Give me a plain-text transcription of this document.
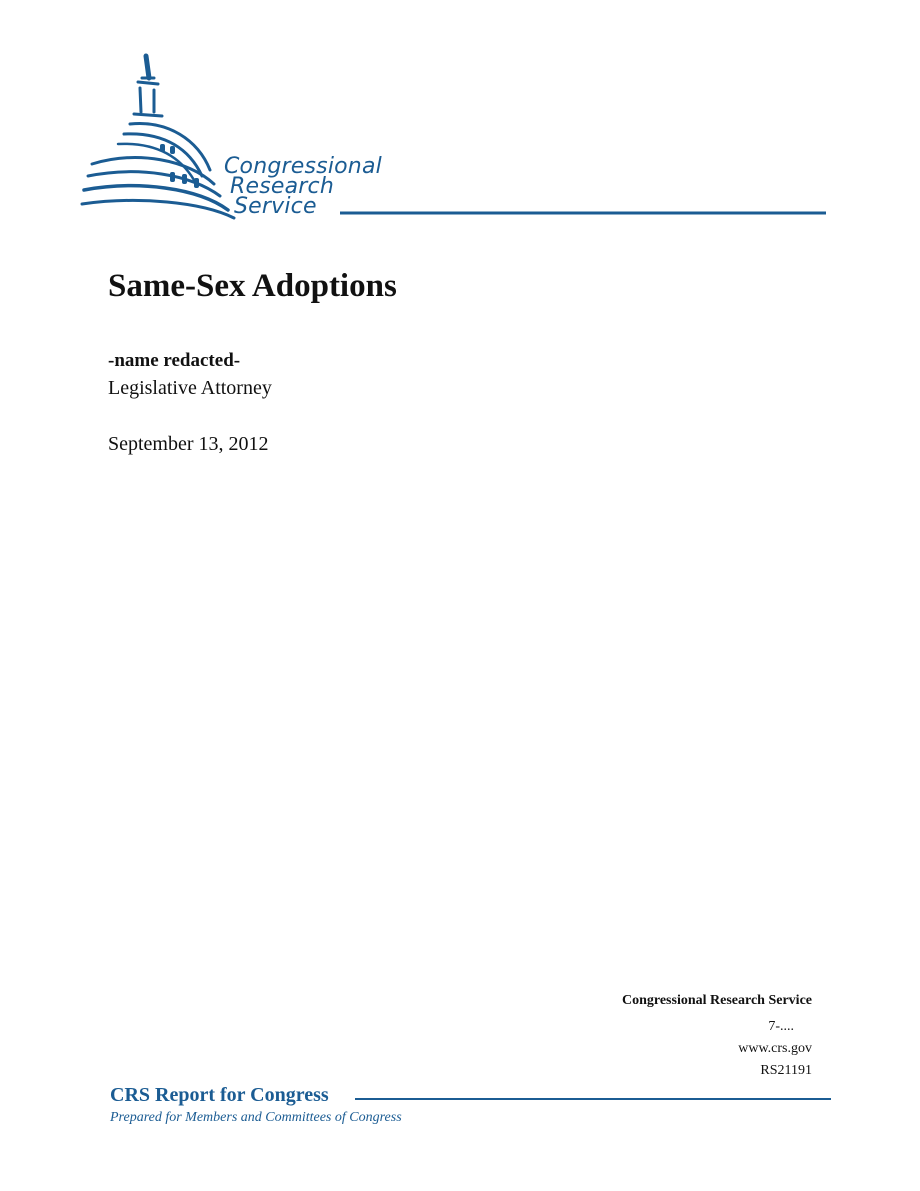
Congressional
Research
Service
Same-Sex Adoptions
-name redacted-
Legislative Attorney
September 13, 2012
Congressional Research Service
7-....
www.crs.gov
RS21191
CRS Report for Congress
Prepared for Members and Committees of Congress
